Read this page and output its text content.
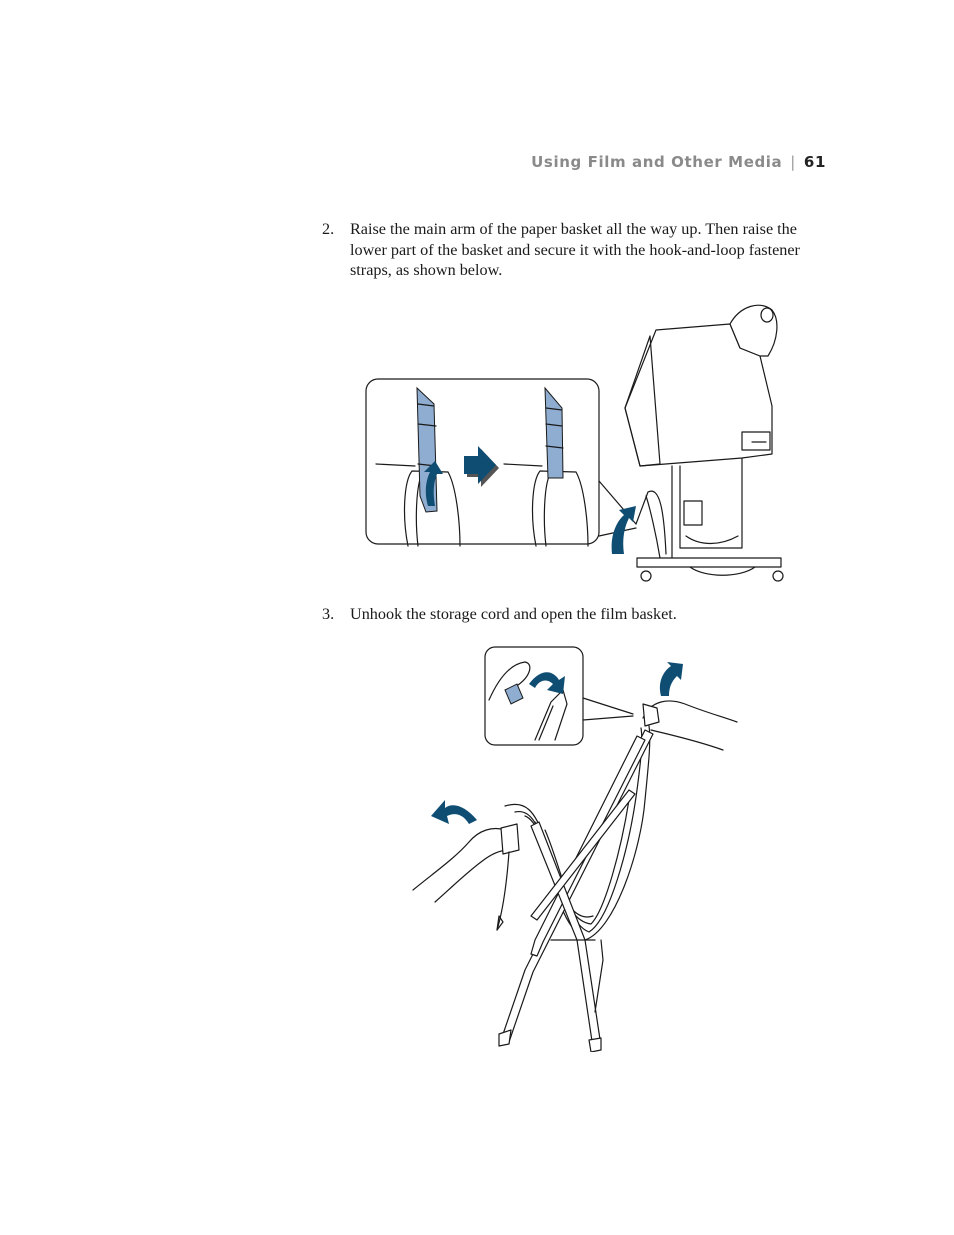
Using Film and Other Media | 61
2. Raise the main arm of the paper basket all the way up. Then raise the lower part of the basket and secure it with the hook-and-loop fastener straps, as shown below.
3. Unhook the storage cord and open the film basket.
